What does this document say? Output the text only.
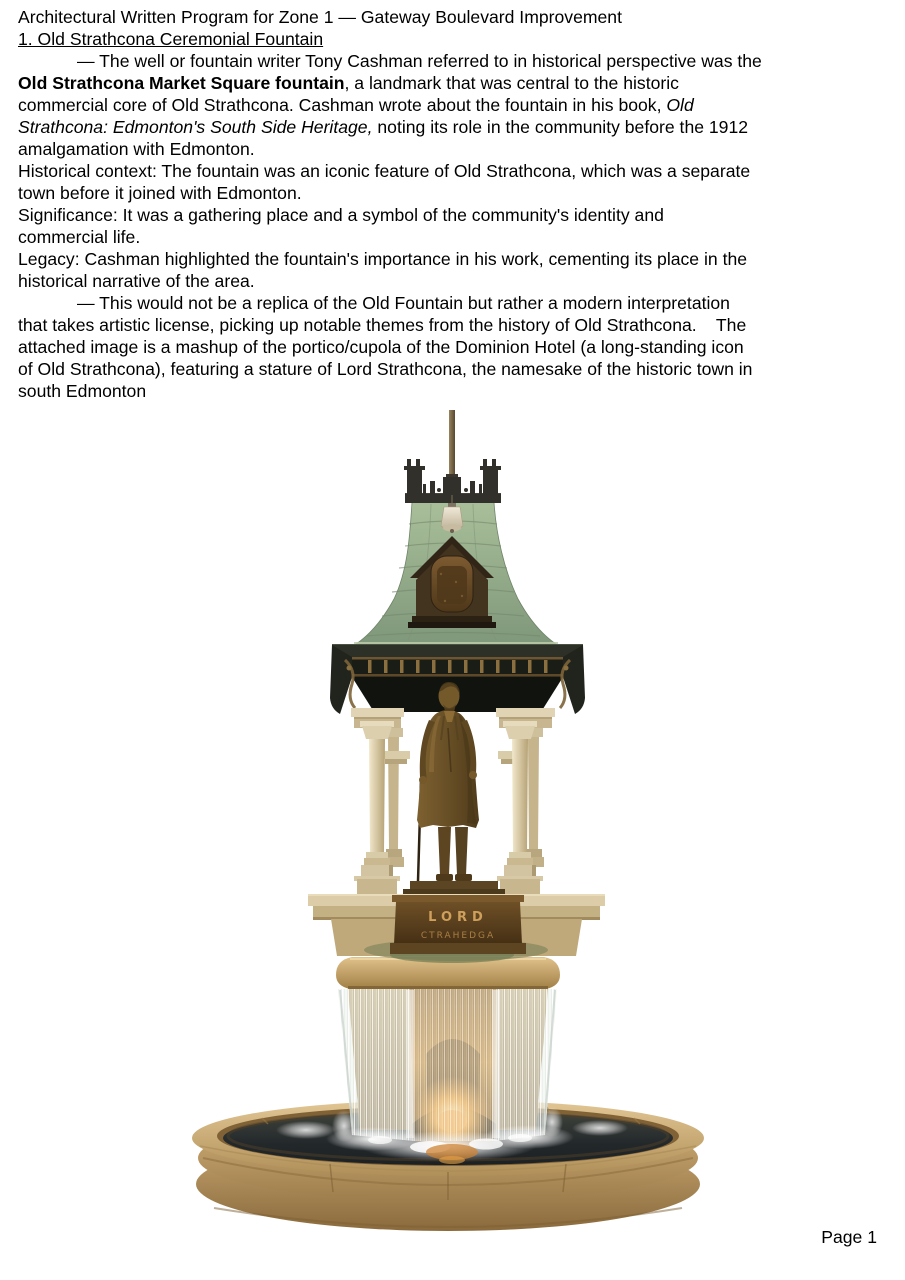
Architectural Written Program for Zone 1 — Gateway Boulevard Improvement
1. Old Strathcona Ceremonial Fountain
— The well or fountain writer Tony Cashman referred to in historical perspective was the
Old Strathcona Market Square fountain, a landmark that was central to the historic
commercial core of Old Strathcona. Cashman wrote about the fountain in his book, Old
Strathcona: Edmonton's South Side Heritage, noting its role in the community before the 1912
amalgamation with Edmonton.
Historical context: The fountain was an iconic feature of Old Strathcona, which was a separate
town before it joined with Edmonton.
Significance: It was a gathering place and a symbol of the community's identity and
commercial life.
Legacy: Cashman highlighted the fountain's importance in his work, cementing its place in the
historical narrative of the area.
— This would not be a replica of the Old Fountain but rather a modern interpretation
that takes artistic license, picking up notable themes from the history of Old Strathcona.    The
attached image is a mashup of the portico/cupola of the Dominion Hotel (a long-standing icon
of Old Strathcona), featuring a stature of Lord Strathcona, the namesake of the historic town in
south Edmonton
LORD
CTRAHEDGA
Page 1
